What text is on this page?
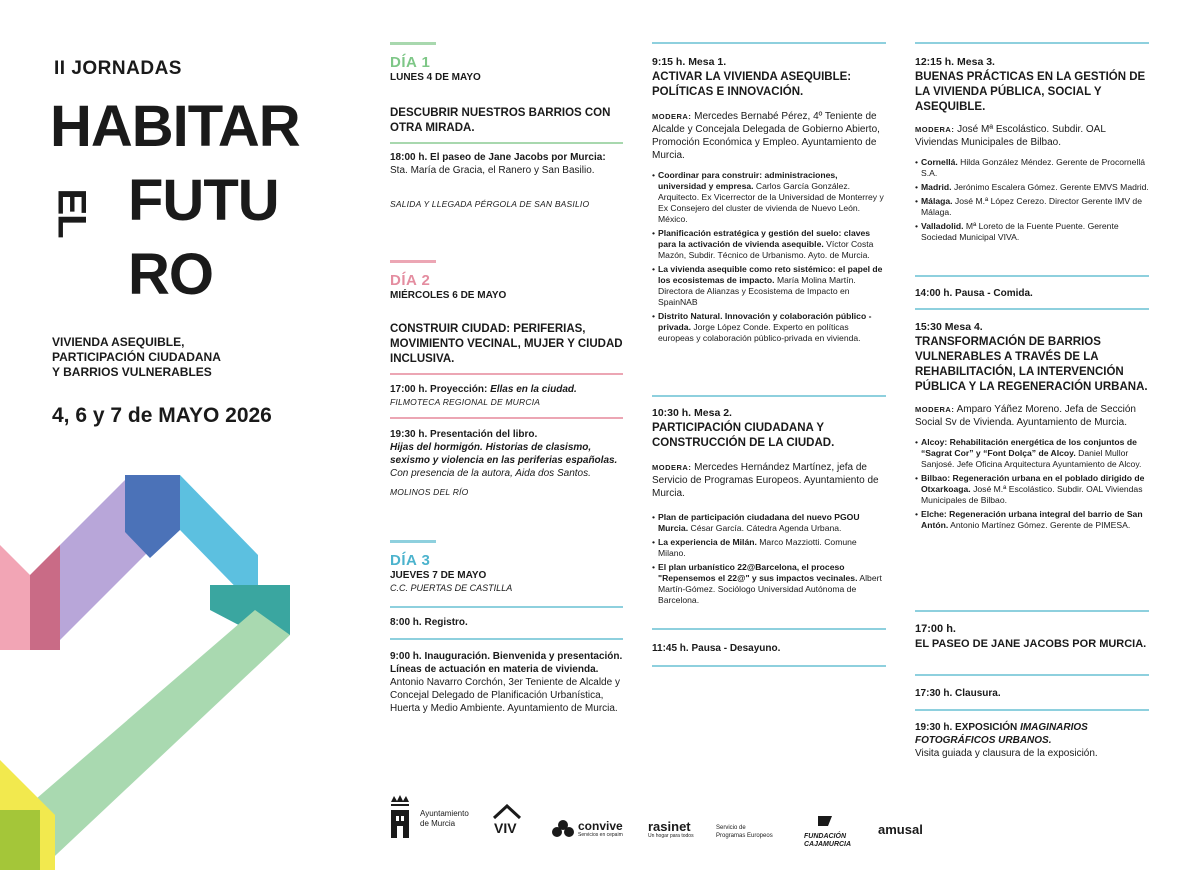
II JORNADAS
HABITAR
EL FUTU
RO
VIVIENDA ASEQUIBLE,
PARTICIPACIÓN CIUDADANA
Y BARRIOS VULNERABLES
4, 6 y 7 de MAYO 2026
DÍA 1
LUNES 4 DE MAYO
DESCUBRIR NUESTROS BARRIOS CON OTRA MIRADA.
18:00 h. El paseo de Jane Jacobs por Murcia: Sta. María de Gracia, el Ranero y San Basilio.
SALIDA Y LLEGADA PÉRGOLA DE SAN BASILIO
DÍA 2
MIÉRCOLES 6 DE MAYO
CONSTRUIR CIUDAD: PERIFERIAS, MOVIMIENTO VECINAL, MUJER Y CIUDAD INCLUSIVA.
17:00 h. Proyección: Ellas en la ciudad.
FILMOTECA REGIONAL DE MURCIA
19:30 h. Presentación del libro.
Hijas del hormigón. Historias de clasismo, sexismo y violencia en las periferias españolas.
Con presencia de la autora, Aida dos Santos.
MOLINOS DEL RÍO
DÍA 3
JUEVES 7 DE MAYO
C.C. PUERTAS DE CASTILLA
8:00 h. Registro.
9:00 h. Inauguración. Bienvenida y presentación. Líneas de actuación en materia de vivienda. Antonio Navarro Corchón, 3er Teniente de Alcalde y Concejal Delegado de Planificación Urbanística, Huerta y Medio Ambiente. Ayuntamiento de Murcia.
9:15 h. Mesa 1.
ACTIVAR LA VIVIENDA ASEQUIBLE: POLÍTICAS E INNOVACIÓN.
MODERA: Mercedes Bernabé Pérez, 4º Teniente de Alcalde y Concejala Delegada de Gobierno Abierto, Promoción Económica y Empleo. Ayuntamiento de Murcia.
• Coordinar para construir: administraciones, universidad y empresa. Carlos García González. Arquitecto. Ex Vicerrector de la Universidad de Monterrey y Ex Consejero del cluster de vivienda de Nuevo León. México.
• Planificación estratégica y gestión del suelo: claves para la activación de vivienda asequible. Víctor Costa Mazón, Subdir. Técnico de Urbanismo. Ayto. de Murcia.
• La vivienda asequible como reto sistémico: el papel de los ecosistemas de impacto. María Molina Martín. Directora de Alianzas y Ecosistema de Impacto en SpainNAB
• Distrito Natural. Innovación y colaboración público - privada. Jorge López Conde. Experto en políticas europeas y colaboración público-privada en vivienda.
10:30 h. Mesa 2.
PARTICIPACIÓN CIUDADANA Y CONSTRUCCIÓN DE LA CIUDAD.
MODERA: Mercedes Hernández Martínez, jefa de Servicio de Programas Europeos. Ayuntamiento de Murcia.
• Plan de participación ciudadana del nuevo PGOU Murcia. César García. Cátedra Agenda Urbana.
• La experiencia de Milán. Marco Mazziotti. Comune Milano.
• El plan urbanístico 22@Barcelona, el proceso "Repensemos el 22@" y sus impactos vecinales. Albert Martín-Gómez. Sociólogo Universidad Autónoma de Barcelona.
11:45 h. Pausa - Desayuno.
12:15 h. Mesa 3.
BUENAS PRÁCTICAS EN LA GESTIÓN DE LA VIVIENDA PÚBLICA, SOCIAL Y ASEQUIBLE.
MODERA: José Mª Escolástico. Subdir. OAL Viviendas Municipales de Bilbao.
• Cornellá. Hilda González Méndez. Gerente de Procornellá S.A.
• Madrid. Jerónimo Escalera Gómez. Gerente EMVS Madrid.
• Málaga. José M.ª López Cerezo. Director Gerente IMV de Málaga.
• Valladolid. Mª Loreto de la Fuente Puente. Gerente Sociedad Municipal VIVA.
14:00 h. Pausa - Comida.
15:30 Mesa 4.
TRANSFORMACIÓN DE BARRIOS VULNERABLES A TRAVÉS DE LA REHABILITACIÓN, LA INTERVENCIÓN PÚBLICA Y LA REGENERACIÓN URBANA.
MODERA: Amparo Yáñez Moreno. Jefa de Sección Social Sv de Vivienda. Ayuntamiento de Murcia.
• Alcoy: Rehabilitación energética de los conjuntos de “Sagrat Cor” y “Font Dolça” de Alcoy. Daniel Mullor Sanjosé. Jefe Oficina Arquitectura Ayuntamiento de Alcoy.
• Bilbao: Regeneración urbana en el poblado dirigido de Otxarkoaga. José M.ª Escolástico. Subdir. OAL Viviendas Municipales de Bilbao.
• Elche: Regeneración urbana integral del barrio de San Antón. Antonio Martínez Gómez. Gerente de PIMESA.
17:00 h.
EL PASEO DE JANE JACOBS POR MURCIA.
17:30 h. Clausura.
19:30 h. EXPOSICIÓN IMAGINARIOS FOTOGRÁFICOS URBANOS.
Visita guiada y clausura de la exposición.
Ayuntamiento
de Murcia	VIV	convive
Servicios en cepaim
rasinet
Un hogar para todos
Servicio de
Programas Europeos	FUNDACIÓN
CAJAMURCIA
amusal
